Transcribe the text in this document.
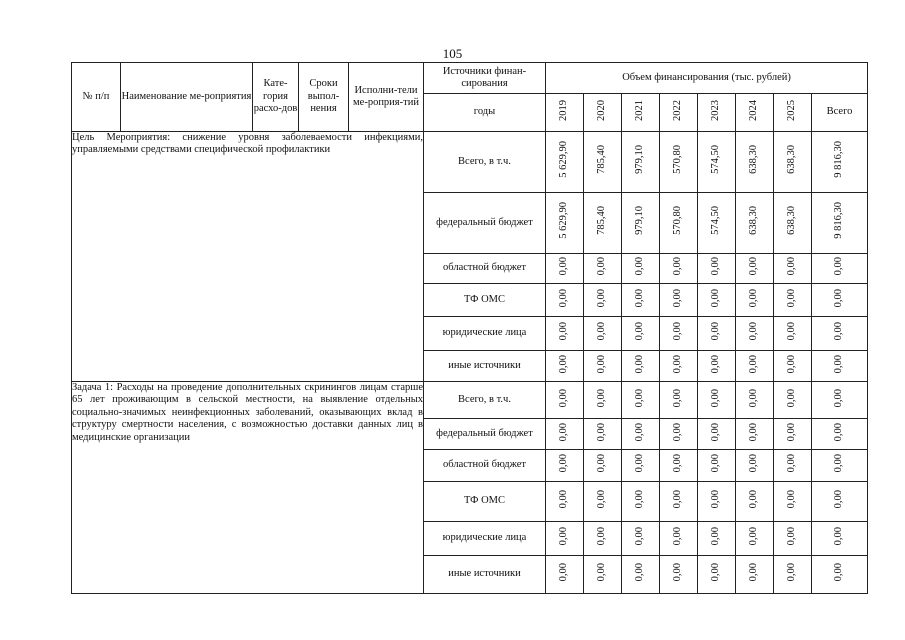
105
№ п/п	Наименование ме-роприятия	Кате-гория расхо-дов	Сроки выпол-нения	Исполни-тели ме-роприя-тий	Источники финан-сирования	Объем финансирования (тыс. рублей)							
					годы	2019	2020	2021	2022	2023	2024	2025	Всего
Цель Мероприятия: снижение уровня заболеваемости инфекциями, управляемыми средствами специфической профилактики					Всего, в т.ч.	5 629,90	785,40	979,10	570,80	574,50	638,30	638,30	9 816,30
					федеральный бюджет	5 629,90	785,40	979,10	570,80	574,50	638,30	638,30	9 816,30
					областной бюджет	0,00	0,00	0,00	0,00	0,00	0,00	0,00	0,00
					ТФ ОМС	0,00	0,00	0,00	0,00	0,00	0,00	0,00	0,00
					юридические лица	0,00	0,00	0,00	0,00	0,00	0,00	0,00	0,00
					иные источники	0,00	0,00	0,00	0,00	0,00	0,00	0,00	0,00
Задача 1: Расходы на проведение дополнительных скринингов лицам старше 65 лет проживающим в сельской местности, на выявление отдельных социально-значимых неинфекционных заболеваний, оказывающих вклад в структуру смертности населения, с возможностью доставки данных лиц в медицинские организации					Всего, в т.ч.	0,00	0,00	0,00	0,00	0,00	0,00	0,00	0,00
					федеральный бюджет	0,00	0,00	0,00	0,00	0,00	0,00	0,00	0,00
					областной бюджет	0,00	0,00	0,00	0,00	0,00	0,00	0,00	0,00
					ТФ ОМС	0,00	0,00	0,00	0,00	0,00	0,00	0,00	0,00
					юридические лица	0,00	0,00	0,00	0,00	0,00	0,00	0,00	0,00
					иные источники	0,00	0,00	0,00	0,00	0,00	0,00	0,00	0,00
